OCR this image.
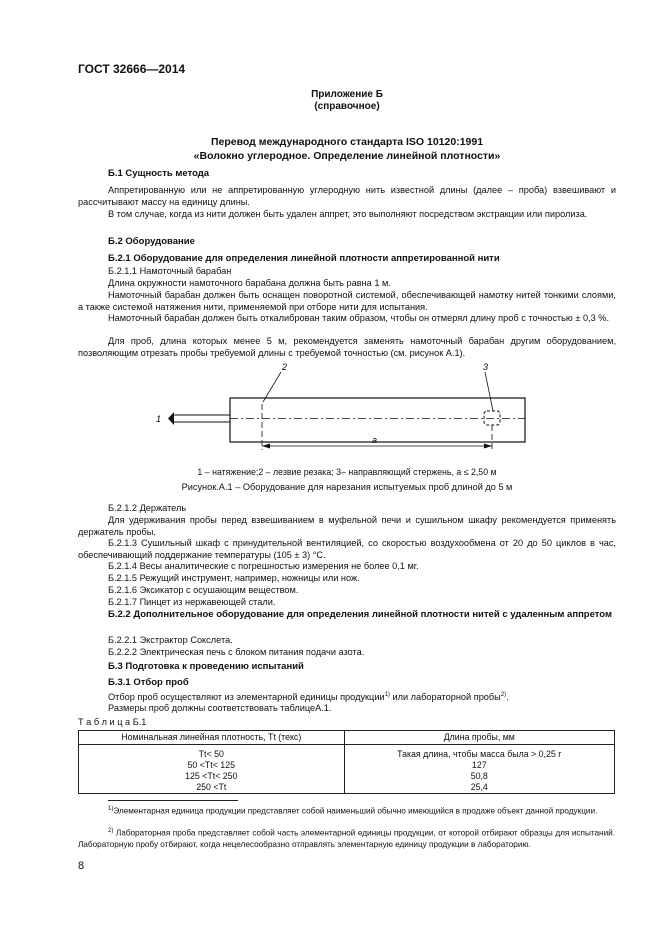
ГОСТ 32666—2014
Приложение Б
(справочное)
Перевод международного стандарта ISO 10120:1991
«Волокно углеродное. Определение линейной плотности»
Б.1 Сущность метода
Аппретированную или не аппретированную углеродную нить известной длины (далее – проба) взвешивают и рассчитывают массу на единицу длины.
В том случае, когда из нити должен быть удален аппрет, это выполняют посредством экстракции или пиролиза.
Б.2 Оборудование
Б.2.1 Оборудование для определения линейной плотности аппретированной нити
Б.2.1.1 Намоточный барабан
Длина окружности намоточного барабана должна быть равна 1 м.
Намоточный барабан должен быть оснащен поворотной системой, обеспечивающей намотку нитей тонкими слоями, а также системой натяжения нити, применяемой при отборе нити для испытания.
Намоточный барабан должен быть откалиброван таким образом, чтобы он отмерял длину проб с точностью ± 0,3 %.
Для проб, длина которых менее 5 м, рекомендуется заменять намоточный барабан другим оборудованием, позволяющим отрезать пробы требуемой длины с требуемой точностью (см. рисунок А.1).
2	3
1
a
1 – натяжение;2 – лезвие резака; 3– направляющий стержень, a ≤ 2,50 м
Рисунок.А.1 – Оборудование для нарезания испытуемых проб длиной до 5 м
Б.2.1.2 Держатель
Для удерживания пробы перед взвешиванием в муфельной печи и сушильном шкафу рекомендуется применять держатель пробы.
Б.2.1.3 Сушильный шкаф с принудительной вентиляцией, со скоростью воздухообмена от 20 до 50 циклов в час, обеспечивающий поддержание температуры (105 ± 3) °С.
Б.2.1.4 Весы аналитические с погрешностью измерения не более 0,1 мг.
Б.2.1.5 Режущий инструмент, например, ножницы или нож.
Б.2.1.6 Эксикатор с осушающим веществом.
Б.2.1.7 Пинцет из нержавеющей стали.
Б.2.2 Дополнительное оборудование для определения линейной плотности нитей с удаленным аппретом
Б.2.2.1 Экстрактор Сокслета.
Б.2.2.2 Электрическая печь с блоком питания подачи азота.
Б.3 Подготовка к проведению испытаний
Б.3.1 Отбор проб
Отбор проб осуществляют из элементарной единицы продукции$^{1)}$ или лабораторной пробы$^{2)}$.
Размеры проб должны соответствовать таблицеА.1.
Т а б л и ц а Б.1
Номинальная линейная плотность, Tt (текс)	Длина пробы, мм

Tt< 50	Такая длина, чтобы масса была > 0,25 г
50 <Tt< 125	127
125 <Tt< 250	50,8
250 <Tt	25,4
$^{1)}$Элементарная единица продукции представляет собой наименьший обычно имеющийся в продаже объект данной продукции.
$^{2)}$ Лабораторная проба представляет собой часть элементарной единицы продукции, от которой отбирают образцы для испытаний. Лабораторную пробу отбирают, когда нецелесообразно отправлять элементарную единицу продукции в лабораторию.
8
